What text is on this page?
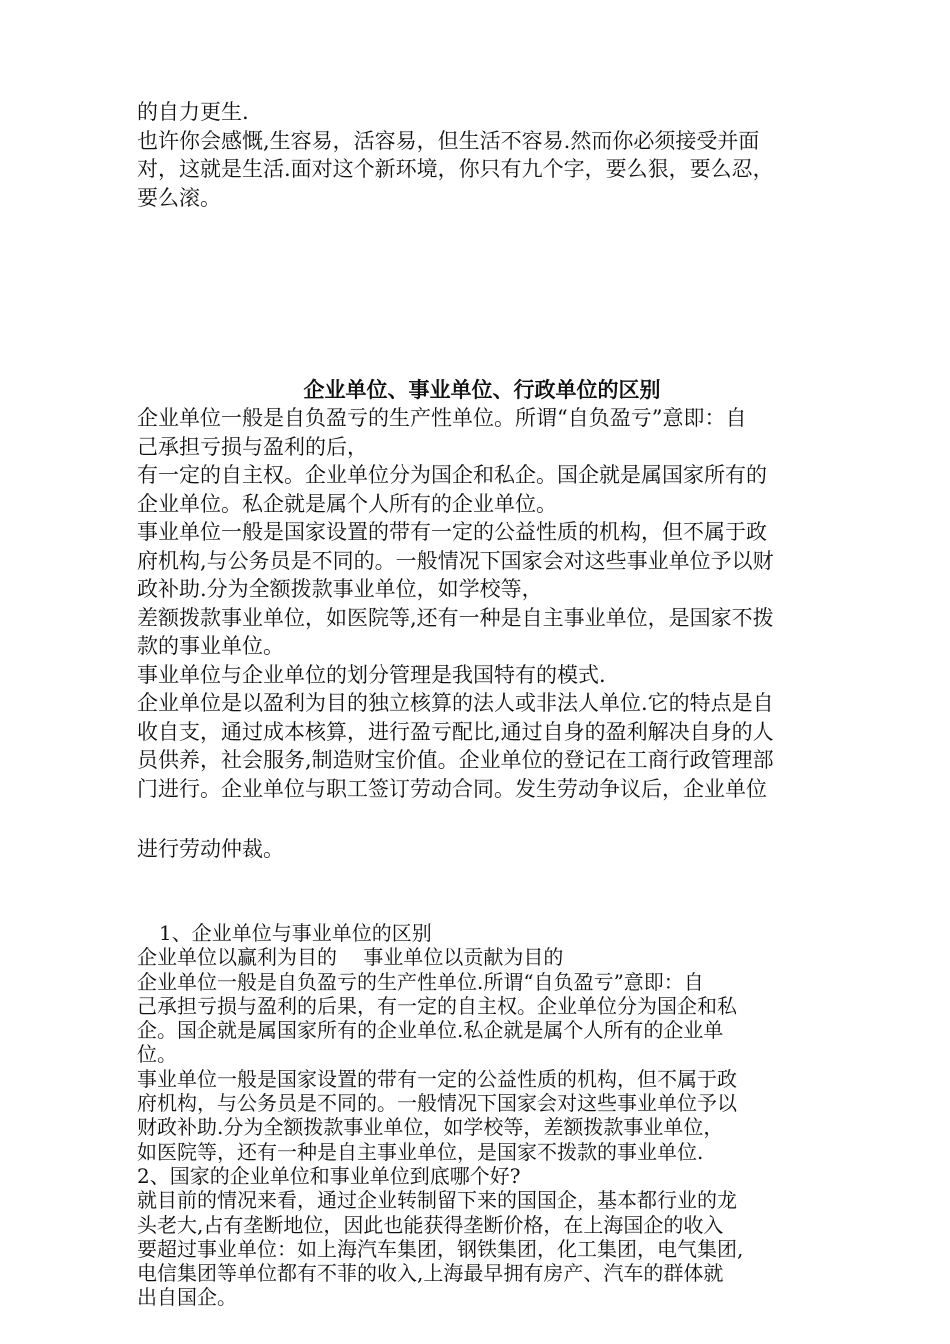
的自力更生.
也许你会感慨,生容易，活容易，但生活不容易.然而你必须接受并面
对，这就是生活.面对这个新环境，你只有九个字，要么狠，要么忍，
要么滚。
企业单位、事业单位、行政单位的区别
企业单位一般是自负盈亏的生产性单位。所谓“自负盈亏”意即：自
己承担亏损与盈利的后，
有一定的自主权。企业单位分为国企和私企。国企就是属国家所有的
企业单位。私企就是属个人所有的企业单位。
事业单位一般是国家设置的带有一定的公益性质的机构，但不属于政
府机构,与公务员是不同的。一般情况下国家会对这些事业单位予以财
政补助.分为全额拨款事业单位，如学校等，
差额拨款事业单位，如医院等,还有一种是自主事业单位，是国家不拨
款的事业单位。
事业单位与企业单位的划分管理是我国特有的模式.
企业单位是以盈利为目的独立核算的法人或非法人单位.它的特点是自
收自支，通过成本核算，进行盈亏配比,通过自身的盈利解决自身的人
员供养，社会服务,制造财宝价值。企业单位的登记在工商行政管理部
门进行。企业单位与职工签订劳动合同。发生劳动争议后，企业单位
进行劳动仲裁。
1、企业单位与事业单位的区别
企业单位以赢利为目的　 事业单位以贡献为目的
企业单位一般是自负盈亏的生产性单位.所谓“自负盈亏”意即：自
己承担亏损与盈利的后果，有一定的自主权。企业单位分为国企和私
企。国企就是属国家所有的企业单位.私企就是属个人所有的企业单
位。
事业单位一般是国家设置的带有一定的公益性质的机构，但不属于政
府机构，与公务员是不同的。一般情况下国家会对这些事业单位予以
财政补助.分为全额拨款事业单位，如学校等，差额拨款事业单位，
如医院等，还有一种是自主事业单位，是国家不拨款的事业单位.
2、国家的企业单位和事业单位到底哪个好?
就目前的情况来看，通过企业转制留下来的国国企，基本都行业的龙
头老大,占有垄断地位，因此也能获得垄断价格，在上海国企的收入
要超过事业单位：如上海汽车集团，钢铁集团，化工集团，电气集团,
电信集团等单位都有不菲的收入,上海最早拥有房产、汽车的群体就
出自国企。
